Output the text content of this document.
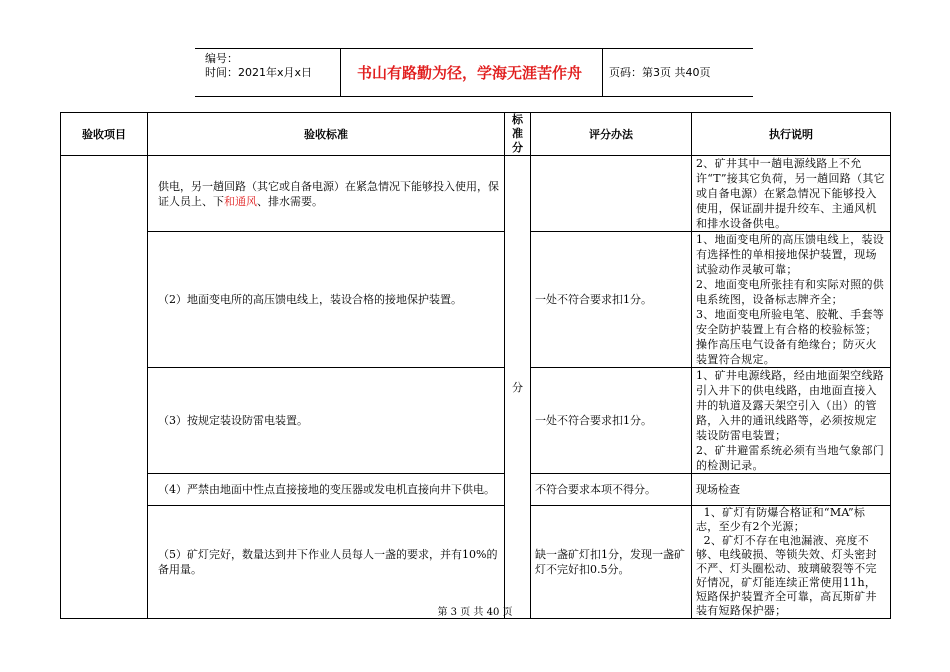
编号：
时间：2021年x月x日	书山有路勤为径，学海无涯苦作舟	页码：第3页 共40页
验收项目	验收标准	标准分	评分办法	执行说明
	供电，另一趟回路（其它或自备电源）在紧急情况下能够投入使用，保证人员上、下和通风、排水需要。	分		2、矿井其中一趟电源线路上不允许“T”接其它负荷，另一趟回路（其它或自备电源）在紧急情况下能够投入使用，保证副井提升绞车、主通风机和排水设备供电。
	（2）地面变电所的高压馈电线上，装设合格的接地保护装置。		一处不符合要求扣1分。	1、地面变电所的高压馈电线上，装设有选择性的单相接地保护装置，现场试验动作灵敏可靠；
2、地面变电所张挂有和实际对照的供电系统图，设备标志牌齐全；
3、地面变电所验电笔、胶靴、手套等安全防护装置上有合格的校验标签；操作高压电气设备有绝缘台；防灭火装置符合规定。
	（3）按规定装设防雷电装置。		一处不符合要求扣1分。	1、矿井电源线路，经由地面架空线路引入井下的供电线路，由地面直接入井的轨道及露天架空引入（出）的管路，入井的通讯线路等，必须按规定装设防雷电装置；
2、矿井避雷系统必须有当地气象部门的检测记录。
	（4）严禁由地面中性点直接接地的变压器或发电机直接向井下供电。		不符合要求本项不得分。	现场检查
	（5）矿灯完好，数量达到井下作业人员每人一盏的要求，并有10%的备用量。		缺一盏矿灯扣1分，发现一盏矿灯不完好扣0.5分。	1、矿灯有防爆合格证和“MA”标志，至少有2个光源；
2、矿灯不存在电池漏液、亮度不够、电线破损、等锁失效、灯头密封不严、灯头圈松动、玻璃破裂等不完好情况，矿灯能连续正常使用11h，短路保护装置齐全可靠，高瓦斯矿井装有短路保护器；
第 3 页 共 40 页
